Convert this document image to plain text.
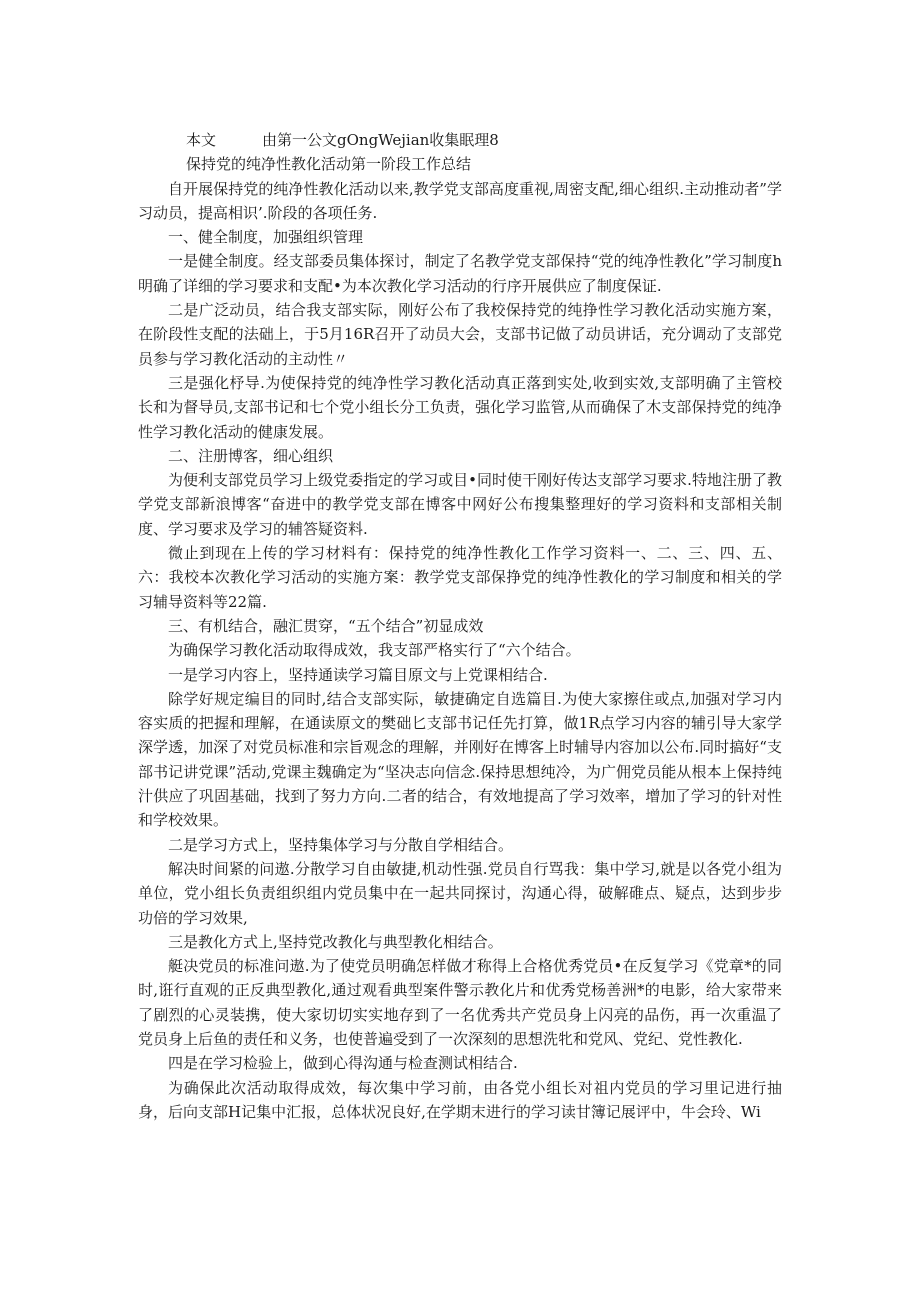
本文	由第一公文gOngWejian收集眠理8

保持党的纯净性教化活动第一阶段工作总结

自开展保持党的纯净性教化活动以来,教学党支部高度重视,周密支配,细心组织.主动推动者”学习动员，提高相识’.阶段的各项任务.

一、健全制度，加强组织管理

一是健全制度。经支部委员集体探讨，制定了名教学党支部保持“党的纯净性教化”学习制度h明确了详细的学习要求和支配•为本次教化学习活动的行序开展供应了制度保证.

二是广泛动员，结合我支部实际，刚好公布了我校保持党的纯挣性学习教化活动实施方案，在阶段性支配的法础上，于5月16R召开了动员大会，支部书记做了动员讲话，充分调动了支部党员参与学习教化活动的主动性〃

三是强化杼导.为使保持党的纯净性学习教化活动真正落到实处,收到实效,支部明确了主管校长和为督导员,支部书记和七个党小组长分工负责，强化学习监管,从而确保了木支部保持党的纯净性学习教化活动的健康发展。

二、注册博客，细心组织

为便利支部党员学习上级党委指定的学习或目•同时使干刚好传达支部学习要求.特地注册了教学党支部新浪博客“奋进中的教学党支部在博客中网好公布搜集整理好的学习资料和支部相关制度、学习要求及学习的辅答疑资料.

微止到现在上传的学习材料有：保持党的纯净性教化工作学习资料一、二、三、四、五、六：我校本次教化学习活动的实施方案：教学党支部保挣党的纯净性教化的学习制度和相关的学习辅导资料等22篇.

三、有机结合，融汇贯穿，“五个结合”初显成效

为确保学习教化活动取得成效，我支部严格实行了“六个结合。

一是学习内容上，坚持通读学习篇目原文与上党课相结合.

除学好规定编目的同时,结合支部实际，敏捷确定自选篇目.为使大家擦住或点,加强对学习内容实质的把握和理解，在通读原文的樊础匕支部书记任先打算，做1R点学习内容的辅引导大家学深学透，加深了对党员标准和宗旨观念的理解，并刚好在博客上时辅导内容加以公布.同时搞好“支部书记讲党课”活动,党课主魏确定为“坚决志向信念.保持思想纯冷，为广佣党员能从根本上保持纯汁供应了巩固基础，找到了努力方向.二者的结合，有效地提高了学习效率，增加了学习的针对性和学校效果。

二是学习方式上，坚持集体学习与分散自学相结合。

解决时间紧的问遨.分散学习自由敏捷,机动性强.党员自行骂我：集中学习,就是以各党小组为单位，党小组长负责组织组内党员集中在一起共同探讨，沟通心得，破解碓点、疑点，达到步步功倍的学习效果,

三是教化方式上,坚持党改教化与典型教化相结合。

艇决党员的标准问遨.为了使党员明确怎样做才称得上合格优秀党员•在反复学习《党章*的同时,诳行直观的正反典型教化,通过观看典型案件警示教化片和优秀党杨善洲*的电影，给大家带来了剧烈的心灵装携，使大家切切实实地存到了一名优秀共产党员身上闪亮的品伤，再一次重温了党员身上后鱼的责任和义务，也使普遍受到了一次深刻的思想洗牝和党风、党纪、党性教化.

四是在学习检验上，做到心得沟通与检查测试相结合.

为确保此次活动取得成效，每次集中学习前，由各党小组长对祖内党员的学习里记进行抽身，后向支部H记集中汇报，总体状况良好,在学期末进行的学习读甘簿记展评中，牛会玲、Wi
